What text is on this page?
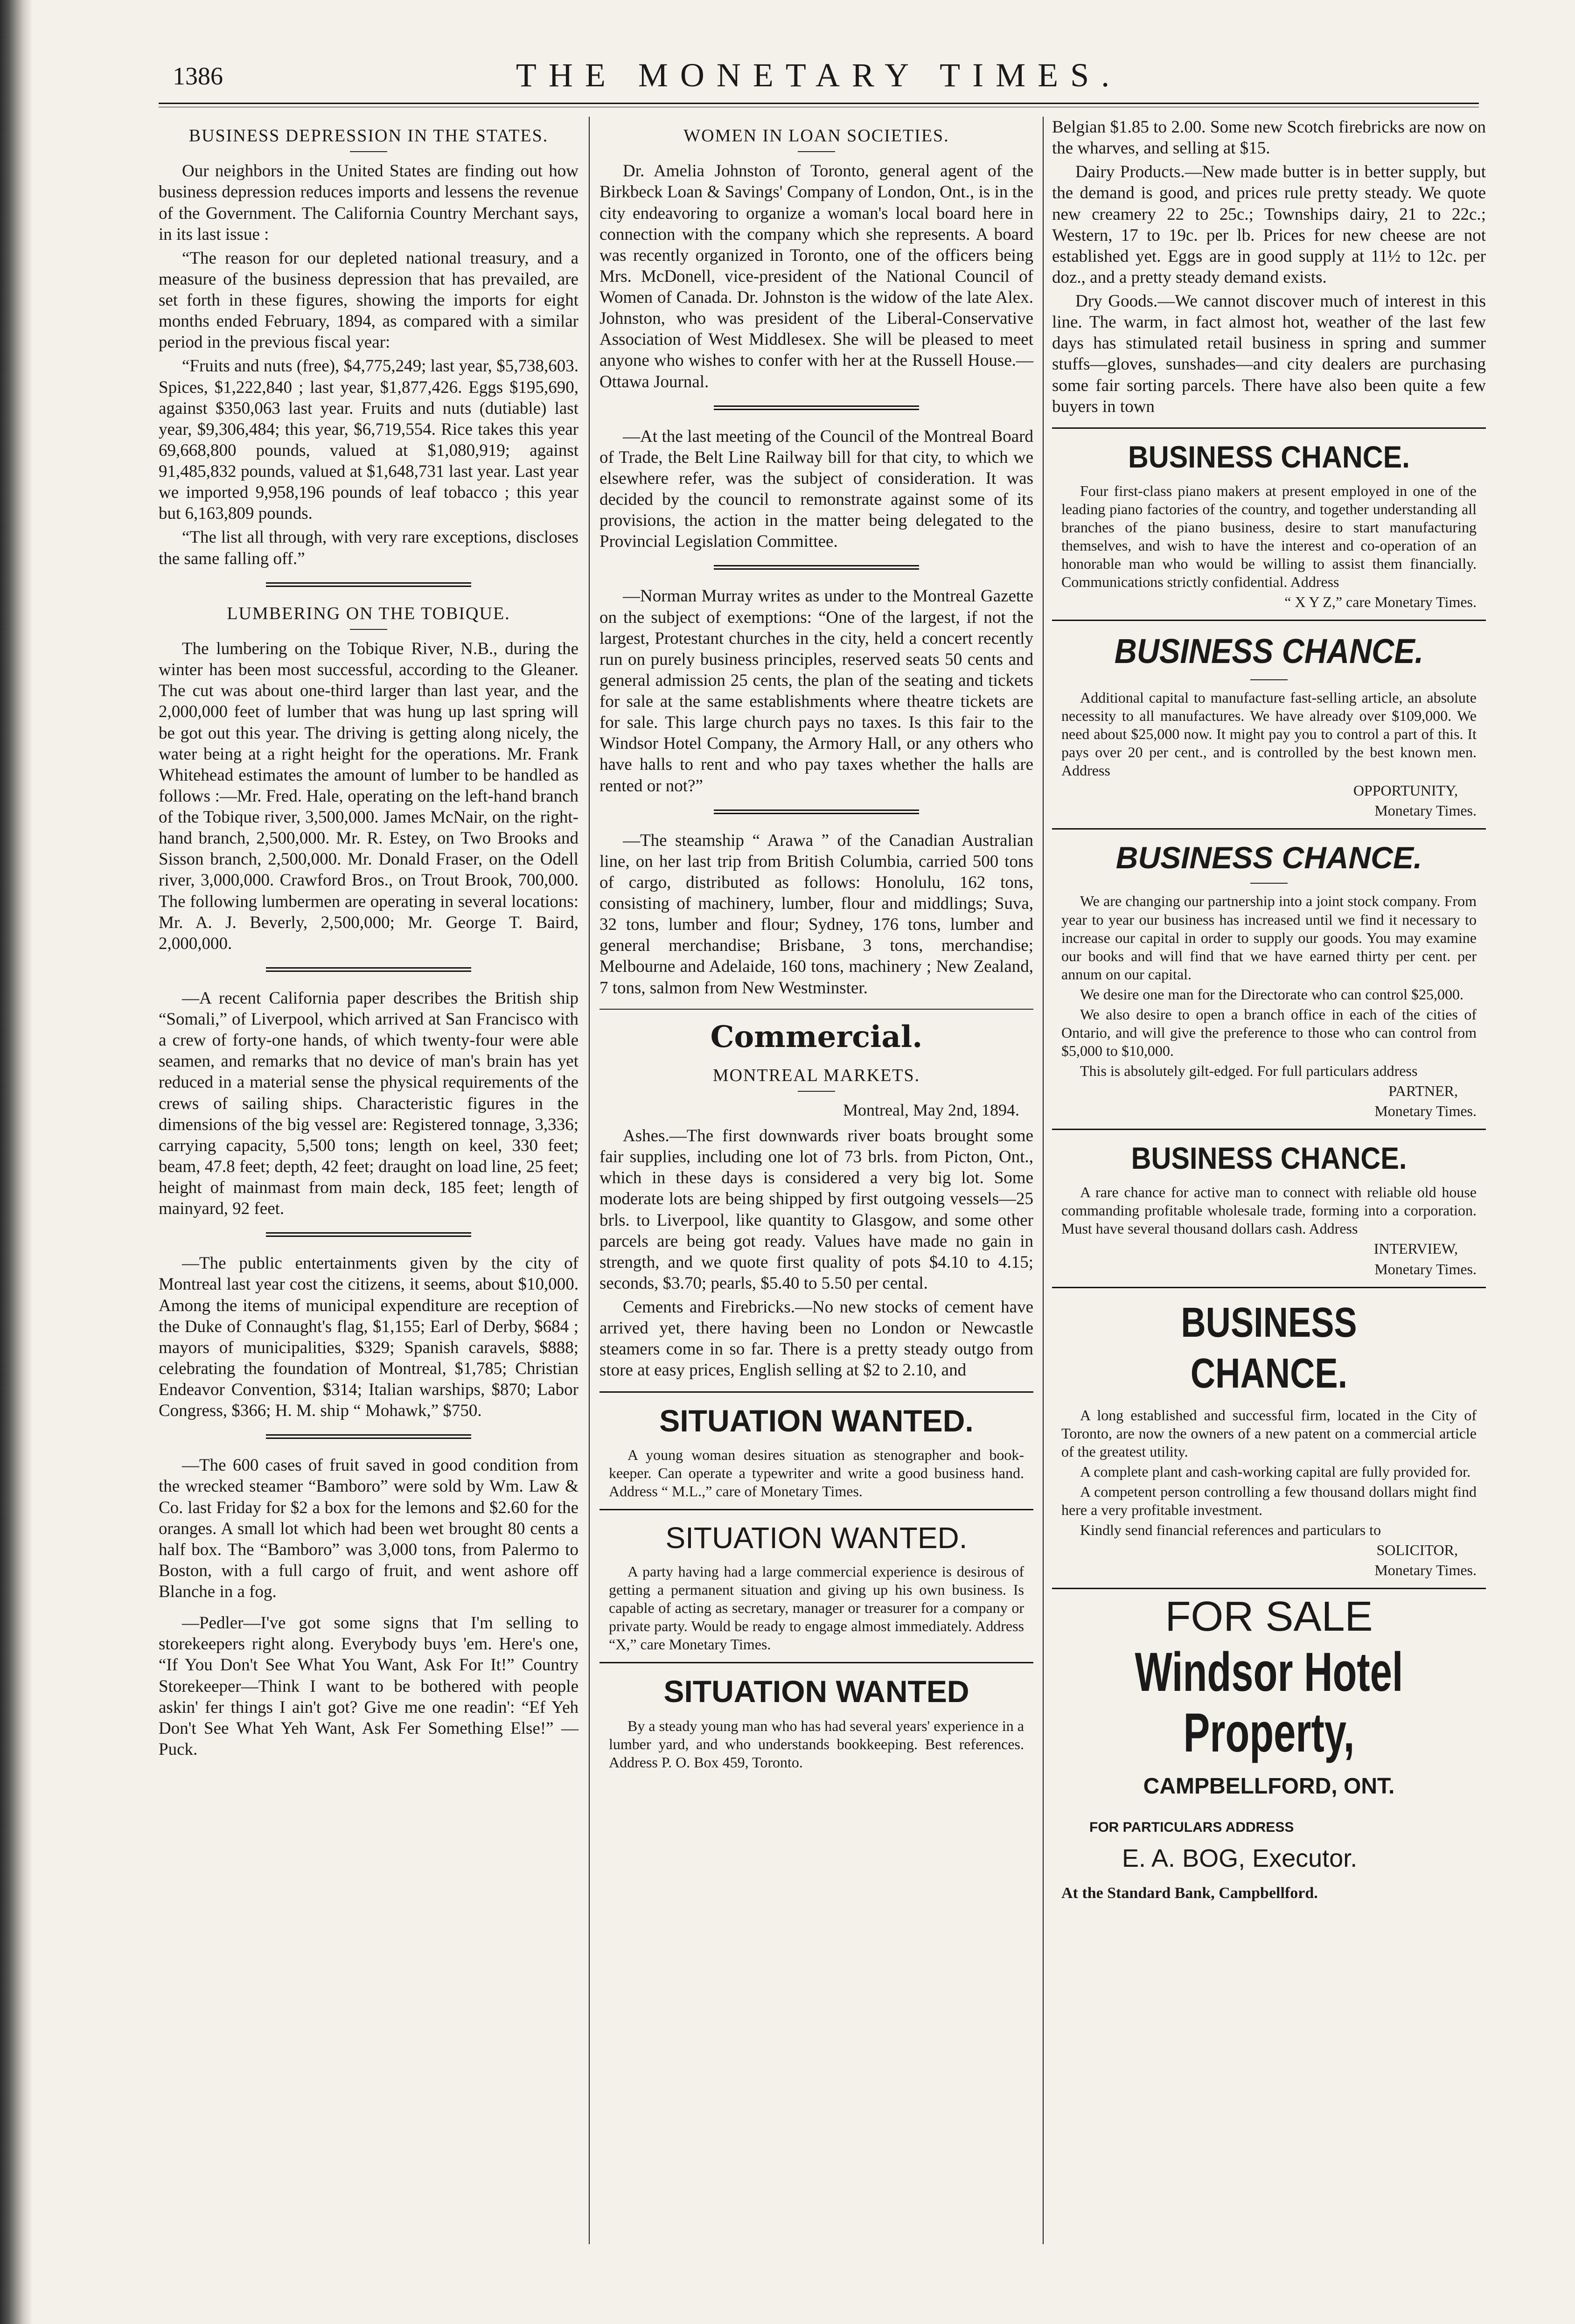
1386	THE MONETARY TIMES.
BUSINESS DEPRESSION IN THE STATES.

Our neighbors in the United States are finding out how business depression reduces imports and lessens the revenue of the Government. The California Country Merchant says, in its last issue :

“The reason for our depleted national treasury, and a measure of the business depression that has prevailed, are set forth in these figures, showing the imports for eight months ended February, 1894, as compared with a similar period in the previous fiscal year:

“Fruits and nuts (free), $4,775,249; last year, $5,738,603. Spices, $1,222,840 ; last year, $1,877,426. Eggs $195,690, against $350,063 last year. Fruits and nuts (dutiable) last year, $9,306,484; this year, $6,719,554. Rice takes this year 69,668,800 pounds, valued at $1,080,919; against 91,485,832 pounds, valued at $1,648,731 last year. Last year we imported 9,958,196 pounds of leaf tobacco ; this year but 6,163,809 pounds.

“The list all through, with very rare exceptions, discloses the same falling off.”

LUMBERING ON THE TOBIQUE.

The lumbering on the Tobique River, N.B., during the winter has been most successful, according to the Gleaner. The cut was about one-third larger than last year, and the 2,000,000 feet of lumber that was hung up last spring will be got out this year. The driving is getting along nicely, the water being at a right height for the operations. Mr. Frank Whitehead estimates the amount of lumber to be handled as follows :—Mr. Fred. Hale, operating on the left-hand branch of the Tobique river, 3,500,000. James McNair, on the right-hand branch, 2,500,000. Mr. R. Estey, on Two Brooks and Sisson branch, 2,500,000. Mr. Donald Fraser, on the Odell river, 3,000,000. Crawford Bros., on Trout Brook, 700,000. The following lumbermen are operating in several locations: Mr. A. J. Beverly, 2,500,000; Mr. George T. Baird, 2,000,000.

—A recent California paper describes the British ship “Somali,” of Liverpool, which arrived at San Francisco with a crew of forty-one hands, of which twenty-four were able seamen, and remarks that no device of man's brain has yet reduced in a material sense the physical requirements of the crews of sailing ships. Characteristic figures in the dimensions of the big vessel are: Registered tonnage, 3,336; carrying capacity, 5,500 tons; length on keel, 330 feet; beam, 47.8 feet; depth, 42 feet; draught on load line, 25 feet; height of mainmast from main deck, 185 feet; length of mainyard, 92 feet.

—The public entertainments given by the city of Montreal last year cost the citizens, it seems, about $10,000. Among the items of municipal expenditure are reception of the Duke of Connaught's flag, $1,155; Earl of Derby, $684 ; mayors of municipalities, $329; Spanish caravels, $888; celebrating the foundation of Montreal, $1,785; Christian Endeavor Convention, $314; Italian warships, $870; Labor Congress, $366; H. M. ship “ Mohawk,” $750.

—The 600 cases of fruit saved in good condition from the wrecked steamer “Bamboro” were sold by Wm. Law & Co. last Friday for $2 a box for the lemons and $2.60 for the oranges. A small lot which had been wet brought 80 cents a half box. The “Bamboro” was 3,000 tons, from Palermo to Boston, with a full cargo of fruit, and went ashore off Blanche in a fog.

—Pedler—I've got some signs that I'm selling to storekeepers right along. Everybody buys 'em. Here's one, “If You Don't See What You Want, Ask For It!” Country Storekeeper—Think I want to be bothered with people askin' fer things I ain't got? Give me one readin': “Ef Yeh Don't See What Yeh Want, Ask Fer Something Else!” —Puck.

WOMEN IN LOAN SOCIETIES.

Dr. Amelia Johnston of Toronto, general agent of the Birkbeck Loan & Savings' Company of London, Ont., is in the city endeavoring to organize a woman's local board here in connection with the company which she represents. A board was recently organized in Toronto, one of the officers being Mrs. McDonell, vice-president of the National Council of Women of Canada. Dr. Johnston is the widow of the late Alex. Johnston, who was president of the Liberal-Conservative Association of West Middlesex. She will be pleased to meet anyone who wishes to confer with her at the Russell House.—Ottawa Journal.

—At the last meeting of the Council of the Montreal Board of Trade, the Belt Line Railway bill for that city, to which we elsewhere refer, was the subject of consideration. It was decided by the council to remonstrate against some of its provisions, the action in the matter being delegated to the Provincial Legislation Committee.

—Norman Murray writes as under to the Montreal Gazette on the subject of exemptions: “One of the largest, if not the largest, Protestant churches in the city, held a concert recently run on purely business principles, reserved seats 50 cents and general admission 25 cents, the plan of the seating and tickets for sale at the same establishments where theatre tickets are for sale. This large church pays no taxes. Is this fair to the Windsor Hotel Company, the Armory Hall, or any others who have halls to rent and who pay taxes whether the halls are rented or not?”

—The steamship “ Arawa ” of the Canadian Australian line, on her last trip from British Columbia, carried 500 tons of cargo, distributed as follows: Honolulu, 162 tons, consisting of machinery, lumber, flour and middlings; Suva, 32 tons, lumber and flour; Sydney, 176 tons, lumber and general merchandise; Brisbane, 3 tons, merchandise; Melbourne and Adelaide, 160 tons, machinery ; New Zealand, 7 tons, salmon from New Westminster.

Commercial.
MONTREAL MARKETS.
Montreal, May 2nd, 1894.

Ashes.—The first downwards river boats brought some fair supplies, including one lot of 73 brls. from Picton, Ont., which in these days is considered a very big lot. Some moderate lots are being shipped by first outgoing vessels—25 brls. to Liverpool, like quantity to Glasgow, and some other parcels are being got ready. Values have made no gain in strength, and we quote first quality of pots $4.10 to 4.15; seconds, $3.70; pearls, $5.40 to 5.50 per cental.

Cements and Firebricks.—No new stocks of cement have arrived yet, there having been no London or Newcastle steamers come in so far. There is a pretty steady outgo from store at easy prices, English selling at $2 to 2.10, and

SITUATION WANTED.

A young woman desires situation as stenographer and book-keeper. Can operate a typewriter and write a good business hand. Address “ M.L.,” care of Monetary Times.

SITUATION WANTED.

A party having had a large commercial experience is desirous of getting a permanent situation and giving up his own business. Is capable of acting as secretary, manager or treasurer for a company or private party. Would be ready to engage almost immediately. Address “X,” care Monetary Times.

SITUATION WANTED

By a steady young man who has had several years' experience in a lumber yard, and who understands bookkeeping. Best references. Address P. O. Box 459, Toronto.

Belgian $1.85 to 2.00. Some new Scotch firebricks are now on the wharves, and selling at $15.

Dairy Products.—New made butter is in better supply, but the demand is good, and prices rule pretty steady. We quote new creamery 22 to 25c.; Townships dairy, 21 to 22c.; Western, 17 to 19c. per lb. Prices for new cheese are not established yet. Eggs are in good supply at 11½ to 12c. per doz., and a pretty steady demand exists.

Dry Goods.—We cannot discover much of interest in this line. The warm, in fact almost hot, weather of the last few days has stimulated retail business in spring and summer stuffs—gloves, sunshades—and city dealers are purchasing some fair sorting parcels. There have also been quite a few buyers in town

BUSINESS CHANCE.

Four first-class piano makers at present employed in one of the leading piano factories of the country, and together understanding all branches of the piano business, desire to start manufacturing themselves, and wish to have the interest and co-operation of an honorable man who would be willing to assist them financially. Communications strictly confidential. Address

“ X Y Z,” care Monetary Times.

BUSINESS CHANCE.

Additional capital to manufacture fast-selling article, an absolute necessity to all manufactures. We have already over $109,000. We need about $25,000 now. It might pay you to control a part of this. It pays over 20 per cent., and is controlled by the best known men. Address

OPPORTUNITY,

Monetary Times.

BUSINESS CHANCE.

We are changing our partnership into a joint stock company. From year to year our business has increased until we find it necessary to increase our capital in order to supply our goods. You may examine our books and will find that we have earned thirty per cent. per annum on our capital.

We desire one man for the Directorate who can control $25,000.

We also desire to open a branch office in each of the cities of Ontario, and will give the preference to those who can control from $5,000 to $10,000.

This is absolutely gilt-edged. For full particulars address

PARTNER,

Monetary Times.

BUSINESS CHANCE.

A rare chance for active man to connect with reliable old house commanding profitable wholesale trade, forming into a corporation. Must have several thousand dollars cash. Address

INTERVIEW,

Monetary Times.

BUSINESS CHANCE.

A long established and successful firm, located in the City of Toronto, are now the owners of a new patent on a commercial article of the greatest utility.

A complete plant and cash-working capital are fully provided for.

A competent person controlling a few thousand dollars might find here a very profitable investment.

Kindly send financial references and particulars to

SOLICITOR,

Monetary Times.

FOR SALE
Windsor Hotel Property,
CAMPBELLFORD, ONT.
FOR PARTICULARS ADDRESS
E. A. BOG, Executor.
At the Standard Bank, Campbellford.
